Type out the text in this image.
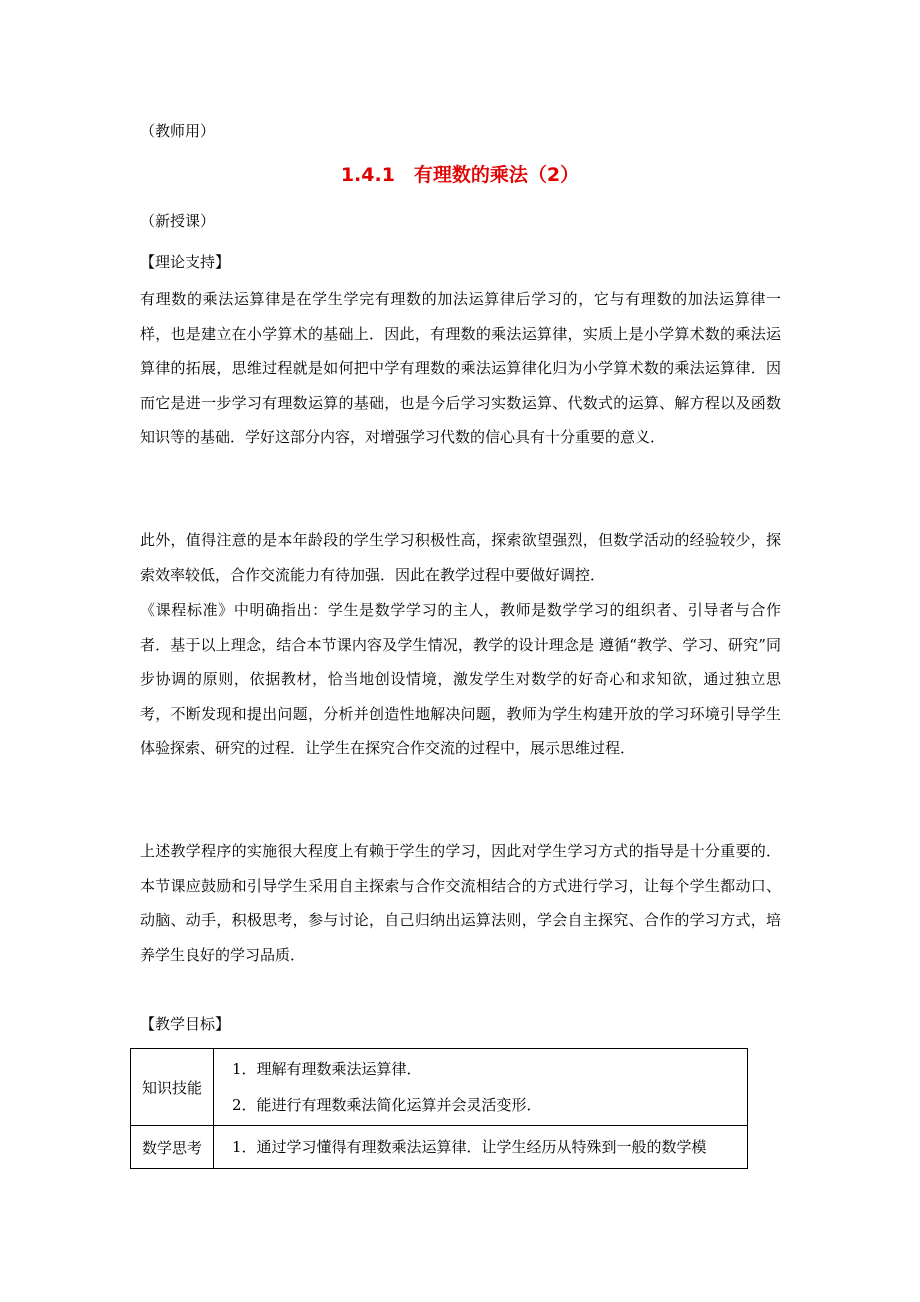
（教师用）
1.4.1　有理数的乘法（2）
（新授课）
【理论支持】
有理数的乘法运算律是在学生学完有理数的加法运算律后学习的，它与有理数的加法运算律一样，也是建立在小学算术的基础上．因此，有理数的乘法运算律，实质上是小学算术数的乘法运算律的拓展，思维过程就是如何把中学有理数的乘法运算律化归为小学算术数的乘法运算律．因而它是进一步学习有理数运算的基础，也是今后学习实数运算、代数式的运算、解方程以及函数知识等的基础．学好这部分内容，对增强学习代数的信心具有十分重要的意义．
此外，值得注意的是本年龄段的学生学习积极性高，探索欲望强烈，但数学活动的经验较少，探索效率较低，合作交流能力有待加强．因此在教学过程中要做好调控．
《课程标准》中明确指出：学生是数学学习的主人，教师是数学学习的组织者、引导者与合作者．基于以上理念，结合本节课内容及学生情况，教学的设计理念是 遵循“教学、学习、研究”同步协调的原则，依据教材，恰当地创设情境，激发学生对数学的好奇心和求知欲，通过独立思考，不断发现和提出问题，分析并创造性地解决问题，教师为学生构建开放的学习环境引导学生体验探索、研究的过程．让学生在探究合作交流的过程中，展示思维过程．
上述教学程序的实施很大程度上有赖于学生的学习，因此对学生学习方式的指导是十分重要的．本节课应鼓励和引导学生采用自主探索与合作交流相结合的方式进行学习，让每个学生都动口、动脑、动手，积极思考，参与讨论，自己归纳出运算法则，学会自主探究、合作的学习方式，培养学生良好的学习品质．
【教学目标】
知识技能	1．理解有理数乘法运算律．
2．能进行有理数乘法简化运算并会灵活变形．

数学思考	1．通过学习懂得有理数乘法运算律．让学生经历从特殊到一般的数学模
